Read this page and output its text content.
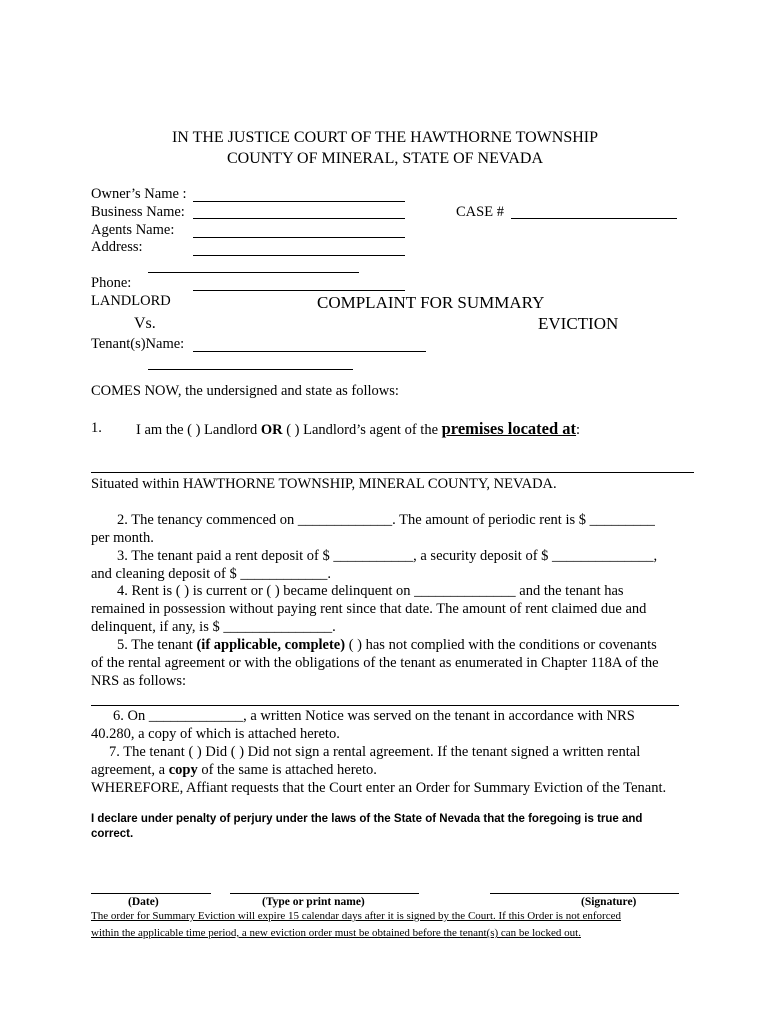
IN THE JUSTICE COURT OF THE HAWTHORNE TOWNSHIP
COUNTY OF MINERAL, STATE OF NEVADA
Owner’s Name :
Business Name:
Agents Name:
Address:
Phone:
LANDLORD
Vs.
Tenant(s)Name:
CASE #
COMPLAINT FOR SUMMARY
EVICTION
COMES NOW, the undersigned and state as follows:
1. I am the ( ) Landlord OR ( ) Landlord’s agent of the premises located at:
Situated within HAWTHORNE TOWNSHIP, MINERAL COUNTY, NEVADA.
2. The tenancy commenced on _____________. The amount of periodic rent is $ _________
per month.
3. The tenant paid a rent deposit of $ ___________, a security deposit of $ ______________,
and cleaning deposit of $ ____________.
4. Rent is ( ) is current or ( ) became delinquent on ______________ and the tenant has
remained in possession without paying rent since that date. The amount of rent claimed due and
delinquent, if any, is $ _______________.
5. The tenant (if applicable, complete) ( ) has not complied with the conditions or covenants
of the rental agreement or with the obligations of the tenant as enumerated in Chapter 118A of the
NRS as follows:
6. On _____________, a written Notice was served on the tenant in accordance with NRS
40.280, a copy of which is attached hereto.
7. The tenant ( ) Did ( ) Did not sign a rental agreement. If the tenant signed a written rental
agreement, a copy of the same is attached hereto.
WHEREFORE, Affiant requests that the Court enter an Order for Summary Eviction of the Tenant.
I declare under penalty of perjury under the laws of the State of Nevada that the foregoing is true and
correct.
(Date)	(Type or print name)	(Signature)
The order for Summary Eviction will expire 15 calendar days after it is signed by the Court. If this Order is not enforced
within the applicable time period, a new eviction order must be obtained before the tenant(s) can be locked out.
